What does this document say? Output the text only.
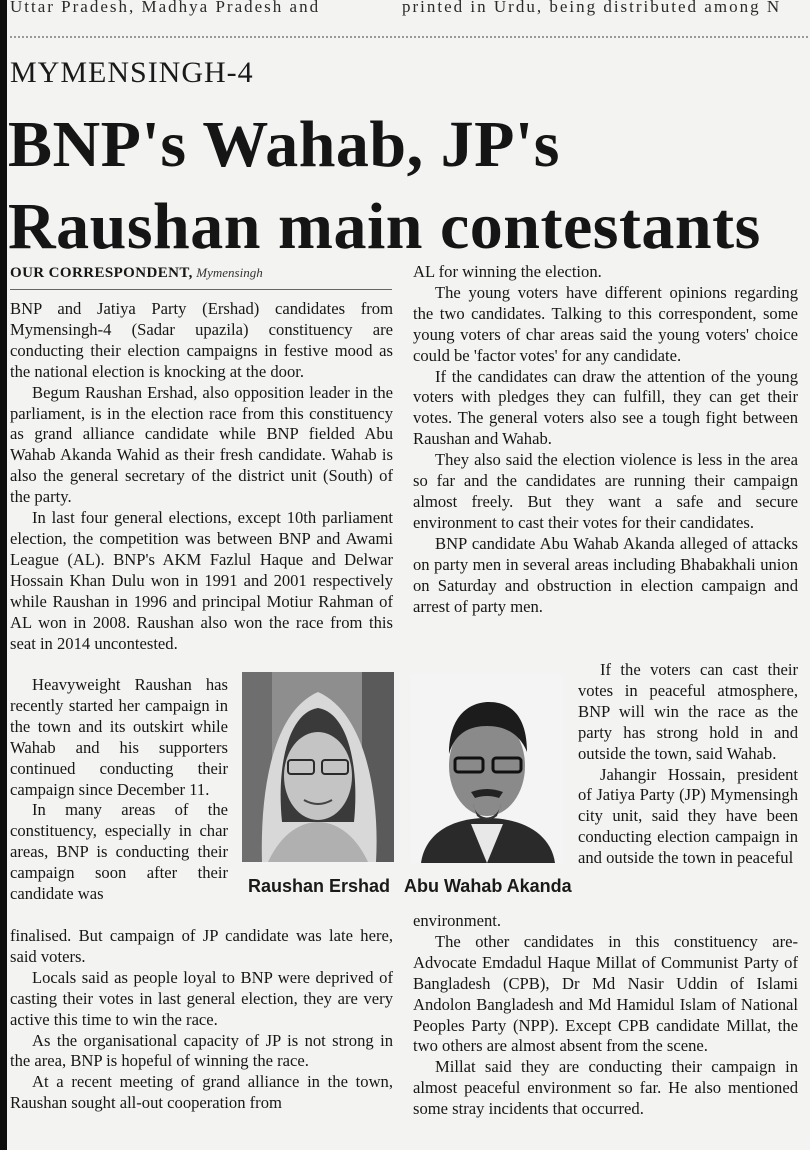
Uttar Pradesh, Madhya Pradesh and	printed in Urdu, being distributed among N
MYMENSINGH-4
BNP's Wahab, JP's Raushan main contestants
OUR CORRESPONDENT, Mymensingh

BNP and Jatiya Party (Ershad) candidates from Mymensingh-4 (Sadar upazila) constituency are conducting their election campaigns in festive mood as the national election is knocking at the door.

Begum Raushan Ershad, also opposition leader in the parliament, is in the election race from this constituency as grand alliance candidate while BNP fielded Abu Wahab Akanda Wahid as their fresh candidate. Wahab is also the general secretary of the district unit (South) of the party.

In last four general elections, except 10th parliament election, the competition was between BNP and Awami League (AL). BNP's AKM Fazlul Haque and Delwar Hossain Khan Dulu won in 1991 and 2001 respectively while Raushan in 1996 and principal Motiur Rahman of AL won in 2008. Raushan also won the race from this seat in 2014 uncontested.

Heavyweight Raushan has recently started her campaign in the town and its outskirt while Wahab and his supporters continued conducting their campaign since December 11.

In many areas of the constituency, especially in char areas, BNP is conducting their campaign soon after their candidate was

finalised. But campaign of JP candidate was late here, said voters.

Locals said as people loyal to BNP were deprived of casting their votes in last general election, they are very active this time to win the race.

As the organisational capacity of JP is not strong in the area, BNP is hopeful of winning the race.

At a recent meeting of grand alliance in the town, Raushan sought all-out cooperation from

Raushan Ershad Abu Wahab Akanda

AL for winning the election.

The young voters have different opinions regarding the two candidates. Talking to this correspondent, some young voters of char areas said the young voters' choice could be 'factor votes' for any candidate.

If the candidates can draw the attention of the young voters with pledges they can fulfill, they can get their votes. The general voters also see a tough fight between Raushan and Wahab.

They also said the election violence is less in the area so far and the candidates are running their campaign almost freely. But they want a safe and secure environment to cast their votes for their candidates.

BNP candidate Abu Wahab Akanda alleged of attacks on party men in several areas including Bhabakhali union on Saturday and obstruction in election campaign and arrest of party men.

If the voters can cast their votes in peaceful atmosphere, BNP will win the race as the party has strong hold in and outside the town, said Wahab.

Jahangir Hossain, president of Jatiya Party (JP) Mymensingh city unit, said they have been conducting election campaign in and outside the town in peaceful

environment.

The other candidates in this constituency are-Advocate Emdadul Haque Millat of Communist Party of Bangladesh (CPB), Dr Md Nasir Uddin of Islami Andolon Bangladesh and Md Hamidul Islam of National Peoples Party (NPP). Except CPB candidate Millat, the two others are almost absent from the scene.

Millat said they are conducting their campaign in almost peaceful environment so far. He also mentioned some stray incidents that occurred.
